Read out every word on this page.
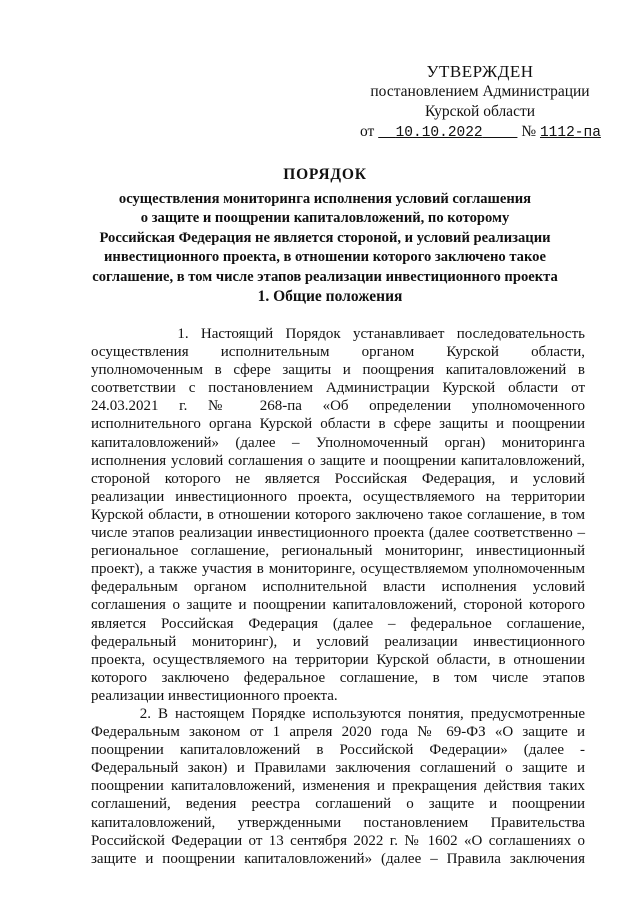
УТВЕРЖДЕН
постановлением Администрации
Курской области
от 10.10.2022 № 1112-па
ПОРЯДОК
осуществления мониторинга исполнения условий соглашения
о защите и поощрении капиталовложений, по которому
Российская Федерация не является стороной, и условий реализации
инвестиционного проекта, в отношении которого заключено такое
соглашение, в том числе этапов реализации инвестиционного проекта
1. Общие положения
1. Настоящий Порядок устанавливает последовательность
осуществления исполнительным органом Курской области,
уполномоченным в сфере защиты и поощрения капиталовложений в
соответствии с постановлением Администрации Курской области от
24.03.2021 г. № 268-па «Об определении уполномоченного
исполнительного органа Курской области в сфере защиты и поощрении
капиталовложений» (далее – Уполномоченный орган) мониторинга
исполнения условий соглашения о защите и поощрении капиталовложений,
стороной которого не является Российская Федерация, и условий
реализации инвестиционного проекта, осуществляемого на территории
Курской области, в отношении которого заключено такое соглашение, в том
числе этапов реализации инвестиционного проекта (далее соответственно –
региональное соглашение, региональный мониторинг, инвестиционный
проект), а также участия в мониторинге, осуществляемом уполномоченным
федеральным органом исполнительной власти исполнения условий
соглашения о защите и поощрении капиталовложений, стороной которого
является Российская Федерация (далее – федеральное соглашение,
федеральный мониторинг), и условий реализации инвестиционного
проекта, осуществляемого на территории Курской области, в отношении
которого заключено федеральное соглашение, в том числе этапов
реализации инвестиционного проекта.
2. В настоящем Порядке используются понятия, предусмотренные
Федеральным законом от 1 апреля 2020 года № 69-ФЗ «О защите и
поощрении капиталовложений в Российской Федерации» (далее -
Федеральный закон) и Правилами заключения соглашений о защите и
поощрении капиталовложений, изменения и прекращения действия таких
соглашений, ведения реестра соглашений о защите и поощрении
капиталовложений, утвержденными постановлением Правительства
Российской Федерации от 13 сентября 2022 г. № 1602 «О соглашениях о
защите и поощрении капиталовложений» (далее – Правила заключения
